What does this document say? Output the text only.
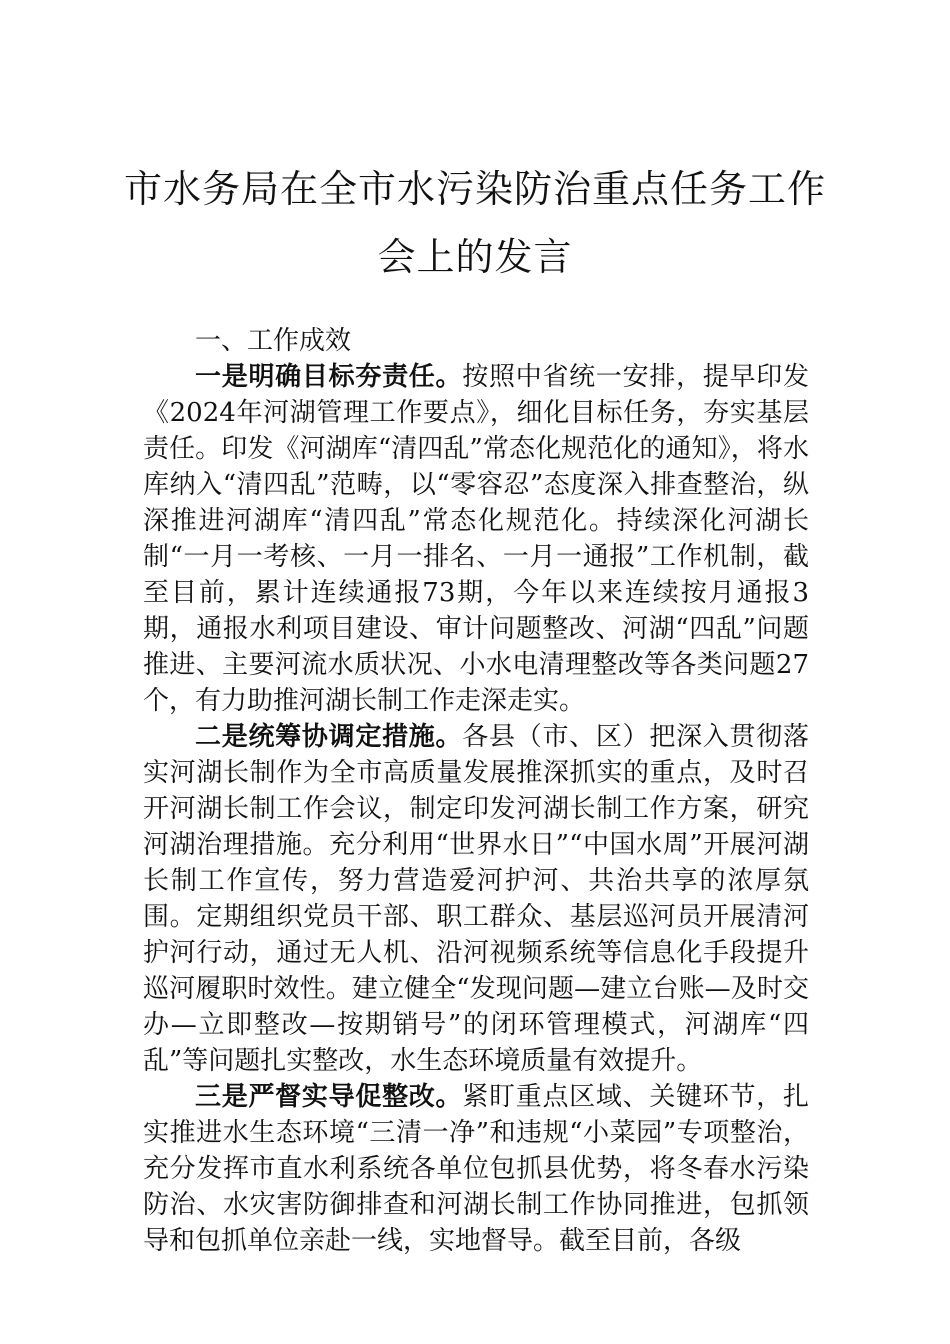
市水务局在全市水污染防治重点任务工作
会上的发言

一、工作成效

一是明确目标夯责任。按照中省统一安排，提早印发《2024年河湖管理工作要点》，细化目标任务，夯实基层责任。印发《河湖库“清四乱”常态化规范化的通知》，将水库纳入“清四乱”范畴，以“零容忍”态度深入排查整治，纵深推进河湖库“清四乱”常态化规范化。持续深化河湖长制“一月一考核、一月一排名、一月一通报”工作机制，截至目前，累计连续通报73期，今年以来连续按月通报3期，通报水利项目建设、审计问题整改、河湖“四乱”问题推进、主要河流水质状况、小水电清理整改等各类问题27个，有力助推河湖长制工作走深走实。

二是统筹协调定措施。各县（市、区）把深入贯彻落实河湖长制作为全市高质量发展推深抓实的重点，及时召开河湖长制工作会议，制定印发河湖长制工作方案，研究河湖治理措施。充分利用“世界水日”“中国水周”开展河湖长制工作宣传，努力营造爱河护河、共治共享的浓厚氛围。定期组织党员干部、职工群众、基层巡河员开展清河护河行动，通过无人机、沿河视频系统等信息化手段提升巡河履职时效性。建立健全“发现问题—建立台账—及时交办—立即整改—按期销号”的闭环管理模式，河湖库“四乱”等问题扎实整改，水生态环境质量有效提升。

三是严督实导促整改。紧盯重点区域、关键环节，扎实推进水生态环境“三清一净”和违规“小菜园”专项整治，充分发挥市直水利系统各单位包抓县优势，将冬春水污染防治、水灾害防御排查和河湖长制工作协同推进，包抓领导和包抓单位亲赴一线，实地督导。截至目前，各级
